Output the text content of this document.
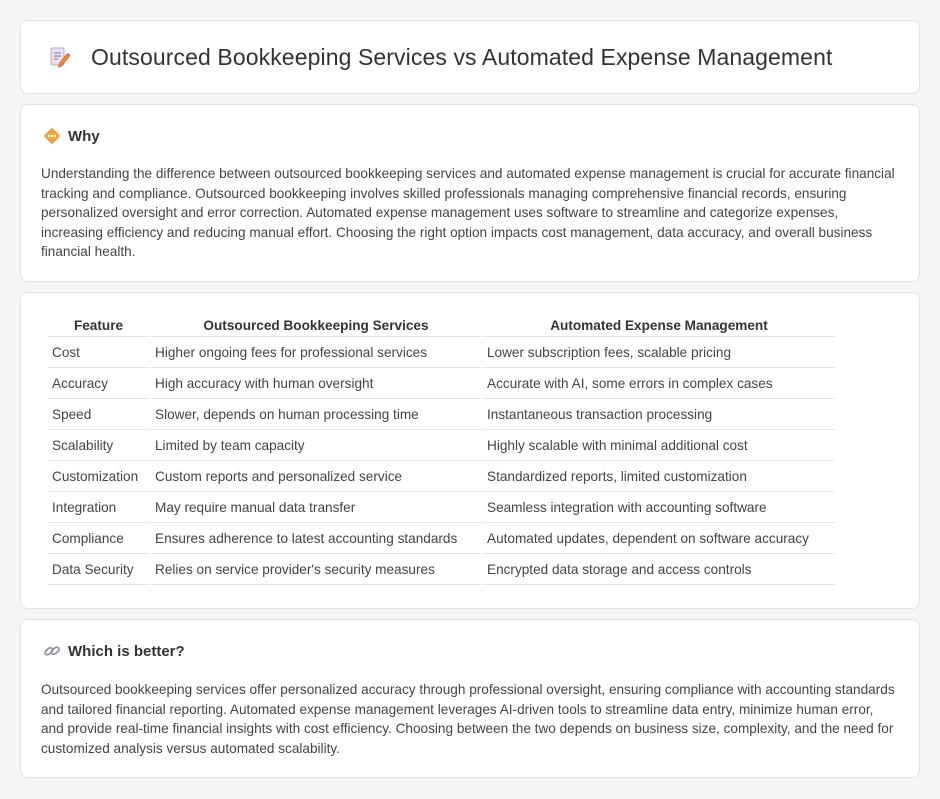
Outsourced Bookkeeping Services vs Automated Expense Management
Why

Understanding the difference between outsourced bookkeeping services and automated expense management is crucial for accurate financial tracking and compliance. Outsourced bookkeeping involves skilled professionals managing comprehensive financial records, ensuring personalized oversight and error correction. Automated expense management uses software to streamline and categorize expenses, increasing efficiency and reducing manual effort. Choosing the right option impacts cost management, data accuracy, and overall business financial health.

Feature	Outsourced Bookkeeping Services	Automated Expense Management
Cost	Higher ongoing fees for professional services	Lower subscription fees, scalable pricing
Accuracy	High accuracy with human oversight	Accurate with AI, some errors in complex cases
Speed	Slower, depends on human processing time	Instantaneous transaction processing
Scalability	Limited by team capacity	Highly scalable with minimal additional cost
Customization	Custom reports and personalized service	Standardized reports, limited customization
Integration	May require manual data transfer	Seamless integration with accounting software
Compliance	Ensures adherence to latest accounting standards	Automated updates, dependent on software accuracy
Data Security	Relies on service provider's security measures	Encrypted data storage and access controls
Which is better?

Outsourced bookkeeping services offer personalized accuracy through professional oversight, ensuring compliance with accounting standards and tailored financial reporting. Automated expense management leverages AI-driven tools to streamline data entry, minimize human error, and provide real-time financial insights with cost efficiency. Choosing between the two depends on business size, complexity, and the need for customized analysis versus automated scalability.
